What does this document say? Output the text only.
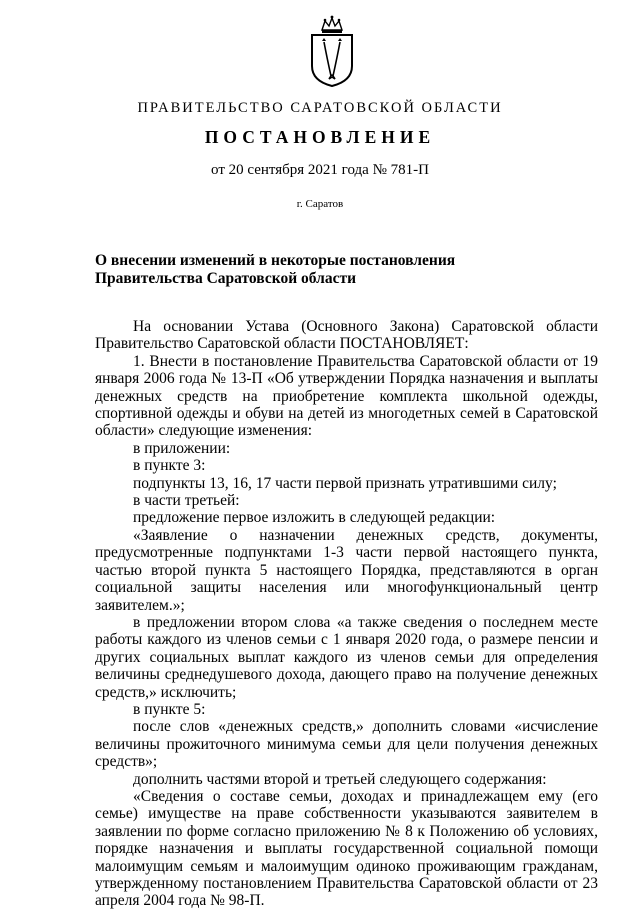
ПРАВИТЕЛЬСТВО САРАТОВСКОЙ ОБЛАСТИ
ПОСТАНОВЛЕНИЕ
от 20 сентября 2021 года № 781-П
г. Саратов
О внесении изменений в некоторые постановления Правительства Саратовской области

На основании Устава (Основного Закона) Саратовской области Правительство Саратовской области ПОСТАНОВЛЯЕТ:

1. Внести в постановление Правительства Саратовской области от 19 января 2006 года № 13-П «Об утверждении Порядка назначения и выплаты денежных средств на приобретение комплекта школьной одежды, спортивной одежды и обуви на детей из многодетных семей в Саратовской области» следующие изменения:

в приложении:

в пункте 3:

подпункты 13, 16, 17 части первой признать утратившими силу;

в части третьей:

предложение первое изложить в следующей редакции:

«Заявление о назначении денежных средств, документы, предусмотренные подпунктами 1-3 части первой настоящего пункта, частью второй пункта 5 настоящего Порядка, представляются в орган социальной защиты населения или многофункциональный центр заявителем.»;

в предложении втором слова «а также сведения о последнем месте работы каждого из членов семьи с 1 января 2020 года, о размере пенсии и других социальных выплат каждого из членов семьи для определения величины среднедушевого дохода, дающего право на получение денежных средств,» исключить;

в пункте 5:

после слов «денежных средств,» дополнить словами «исчисление величины прожиточного минимума семьи для цели получения денежных средств»;

дополнить частями второй и третьей следующего содержания:

«Сведения о составе семьи, доходах и принадлежащем ему (его семье) имуществе на праве собственности указываются заявителем в заявлении по форме согласно приложению № 8 к Положению об условиях, порядке назначения и выплаты государственной социальной помощи малоимущим семьям и малоимущим одиноко проживающим гражданам, утвержденному постановлением Правительства Саратовской области от 23 апреля 2004 года № 98-П.
